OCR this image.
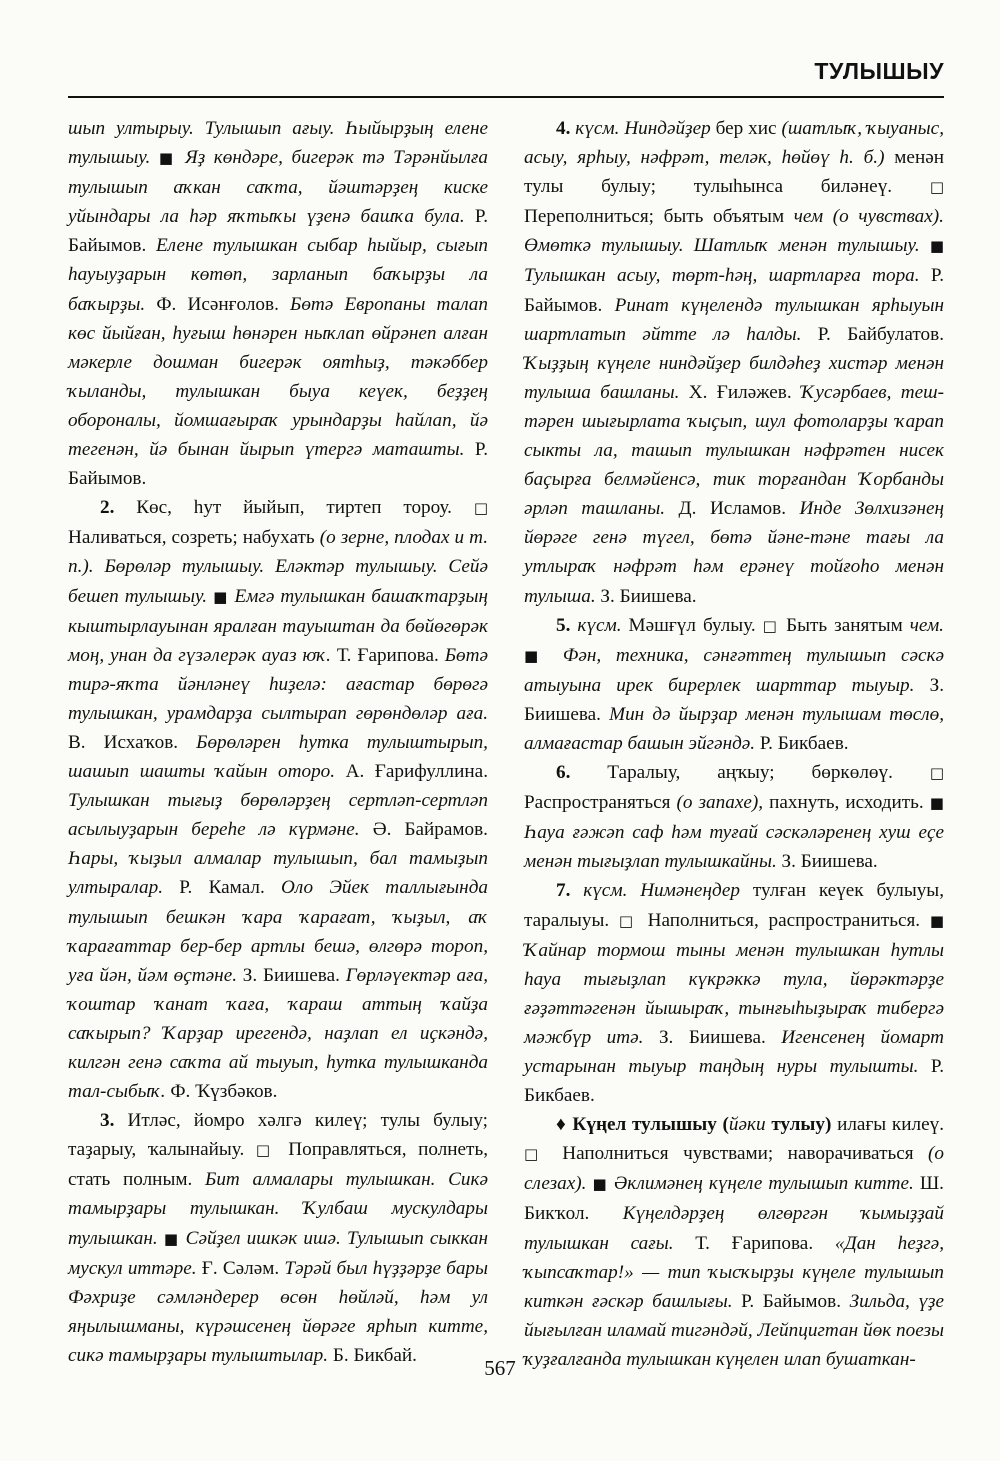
ТУЛЫШЫУ

шып ултырыу. Тулышып ағыу. Һыйырҙың елене тулышыу. ■ Яҙ көндәре, бигерәк тә Тәрәнйылға тулышып аҡкан саҡта, йәштәрҙең киске уйындары ла һәр яҡтыҡы үҙенә башҡа була. Р. Байымов. Елене тулышкан сыбар һыйыр, сығып һауыуҙарын көтөп, зарланып баҡырҙы ла баҡырҙы. Ф. Исәнғолов. Бөтә Европаны талап көс йыйған, һуғыш һөнәрен ныҡлап өйрәнеп алған мәкерле дошман бигерәк оятһыҙ, тәкәббер ҡыланды, тулышкан быуа кеүек, беҙҙең обороналы, йомшағыраҡ урындарҙы һайлап, йә тегенән, йә бынан йырып үтергә маташты. Р. Байымов.

2. Көс, һут йыйып, тиртеп тороу. □ Наливаться, созреть; набухать (о зерне, плодах и т. п.). Бөрөләр тулышыу. Елəктəр тулышыу. Сейә бешеп тулышыу. ■ Емгә тулышкан башаҡтарҙың кыштырлауынан яралған тауыштан да бөйөгөрәк моң, унан да гүзәлерәк ауаз юҡ. Т. Ғарипова. Бөтә тирә-яҡта йәнләнеү һиҙелә: ағастар бөрөгә тулышкан, урамдарҙа сылтырап гөрөндөләр аға. В. Исхаҡов. Бөрөләрен һутка тулыштырып, шашып шашты ҡайын оторо. А. Ғарифуллина. Тулышкан тығыҙ бөрөләрҙең сертләп-сертләп асылыуҙарын береһе лә күрмәне. Ә. Байрамов. Һары, ҡыҙыл алмалар тулышып, бал тамыҙып ултыралар. Р. Камал. Оло Эйек таллығында тулышып бешкән ҡара ҡарағат, ҡыҙыл, аҡ ҡарағаттар бер-бер артлы бешә, өлгөрә тороп, уға йән, йәм өҫтәне. З. Биишева. Гөрләүектәр аға, ҡоштар ҡанат ҡаға, ҡараш аттың ҡайҙа саҡырып? Ҡарҙар ирегендә, наҙлап ел иҫкәндә, килгән генә саҡта ай тыуып, һутка тулышканда тал-сыбыҡ. Ф. Ҡүзбәков.

3. Итләс, йомро хәлгә килеү; тулы булыу; таҙарыу, ҡалынайыу. □ Поправляться, полнеть, стать полным. Бит алмалары тулышкан. Сикә тамырҙары тулышкан. Ҡулбаш мускулдары тулышкан. ■ Сәйҙел ишкәк ишә. Тулышып сыккан мускул иттәре. Ғ. Сәләм. Тәрәй был һүҙҙәрҙе бары Фәхриҙе сәмләндерер өсөн һөйләй, һәм ул яңылышманы, күрәшсенең йөрәге ярһып китте, сикә тамырҙары тулыштылар. Б. Бикбай.

4. күсм. Ниндәйҙер бер хис (шатлыҡ, ҡыуаныс, асыу, ярһыу, нәфрәт, теләк, һөйөү һ. б.) менән тулы булыу; тулыһынса биләнеү. □ Переполниться; быть объятым чем (о чувствах). Өмөткә тулышыу. Шатлыҡ менән тулышыу. ■ Тулышкан асыу, төрт-һәң, шартларға тора. Р. Байымов. Ринат күңелендә тулышкан ярһыуын шартлатып әйтте лә һалды. Р. Байбулатов. Ҡыҙҙың күңеле ниндәйҙер билдәһеҙ хистәр менән тулыша башланы. Х. Ғиләжев. Ҡусәрбаев, теш-тәрен шығырлата ҡыҫып, шул фотоларҙы ҡарап сыкты ла, ташып тулышкан нәфрәтен нисек баҫырға белмәйенсә, тик торғандан Ҡорбанды әрләп ташланы. Д. Исламов. Инде Зөлхизәнең йөрәге генә түгел, бөтә йәне-тәне тағы ла утлыраҡ нәфрәт һәм ерәнеү тойғоһо менән тулыша. З. Биишева.

5. күсм. Мәшғүл булыу. □ Быть занятым чем. ■ Фән, техника, сәнғәттең тулышып сәскә атыуына ирек бирерлек шарттар тыуыр. З. Биишева. Мин дә йырҙар менән тулышам төслө, алмағастар башын эйгәндә. Р. Бикбаев.

6. Таралыу, аңҡыу; бөркөлөү. □ Распространяться (о запахе), пахнуть, исходить. ■ Һауа ғәжәп саф һәм туғай сәскәләренең хуш еҫе менән тығыҙлап тулышкайны. З. Биишева.

7. күсм. Нимәнеңдер тулған кеүек булыуы, таралыуы. □ Наполниться, распространиться. ■ Ҡайнар тормош тыны менән тулышкан һутлы һауа тығыҙлап күкрәккә тула, йөрәктәрҙе ғәҙәттәгенән йышыраҡ, тынғыһыҙыраҡ тибергә мәжбүр итә. З. Биишева. Игенсенең йомарт устарынан тыуыр таңдың нуры тулышты. Р. Бикбаев.

♦ Күңел тулышыу (йәки тулыу) илағы килеү. □ Наполниться чувствами; наворачиваться (о слезах). ■ Әклимәнең күңеле тулышып китте. Ш. Бикҡол. Күңелдәрҙең өлгөргән ҡымыҙҙай тулышкан сағы. Т. Ғарипова. «Дан һеҙгә, ҡыпсаҡтар!» — тип ҡысҡырҙы күңеле тулышып киткән ғәскәр башлығы. Р. Байымов. Зильда, үҙе йығылған иламай тигәндәй, Лейпцигтан йөк поезы ҡуҙғалғанда тулышкан күңелен илап бушаткан-

567
